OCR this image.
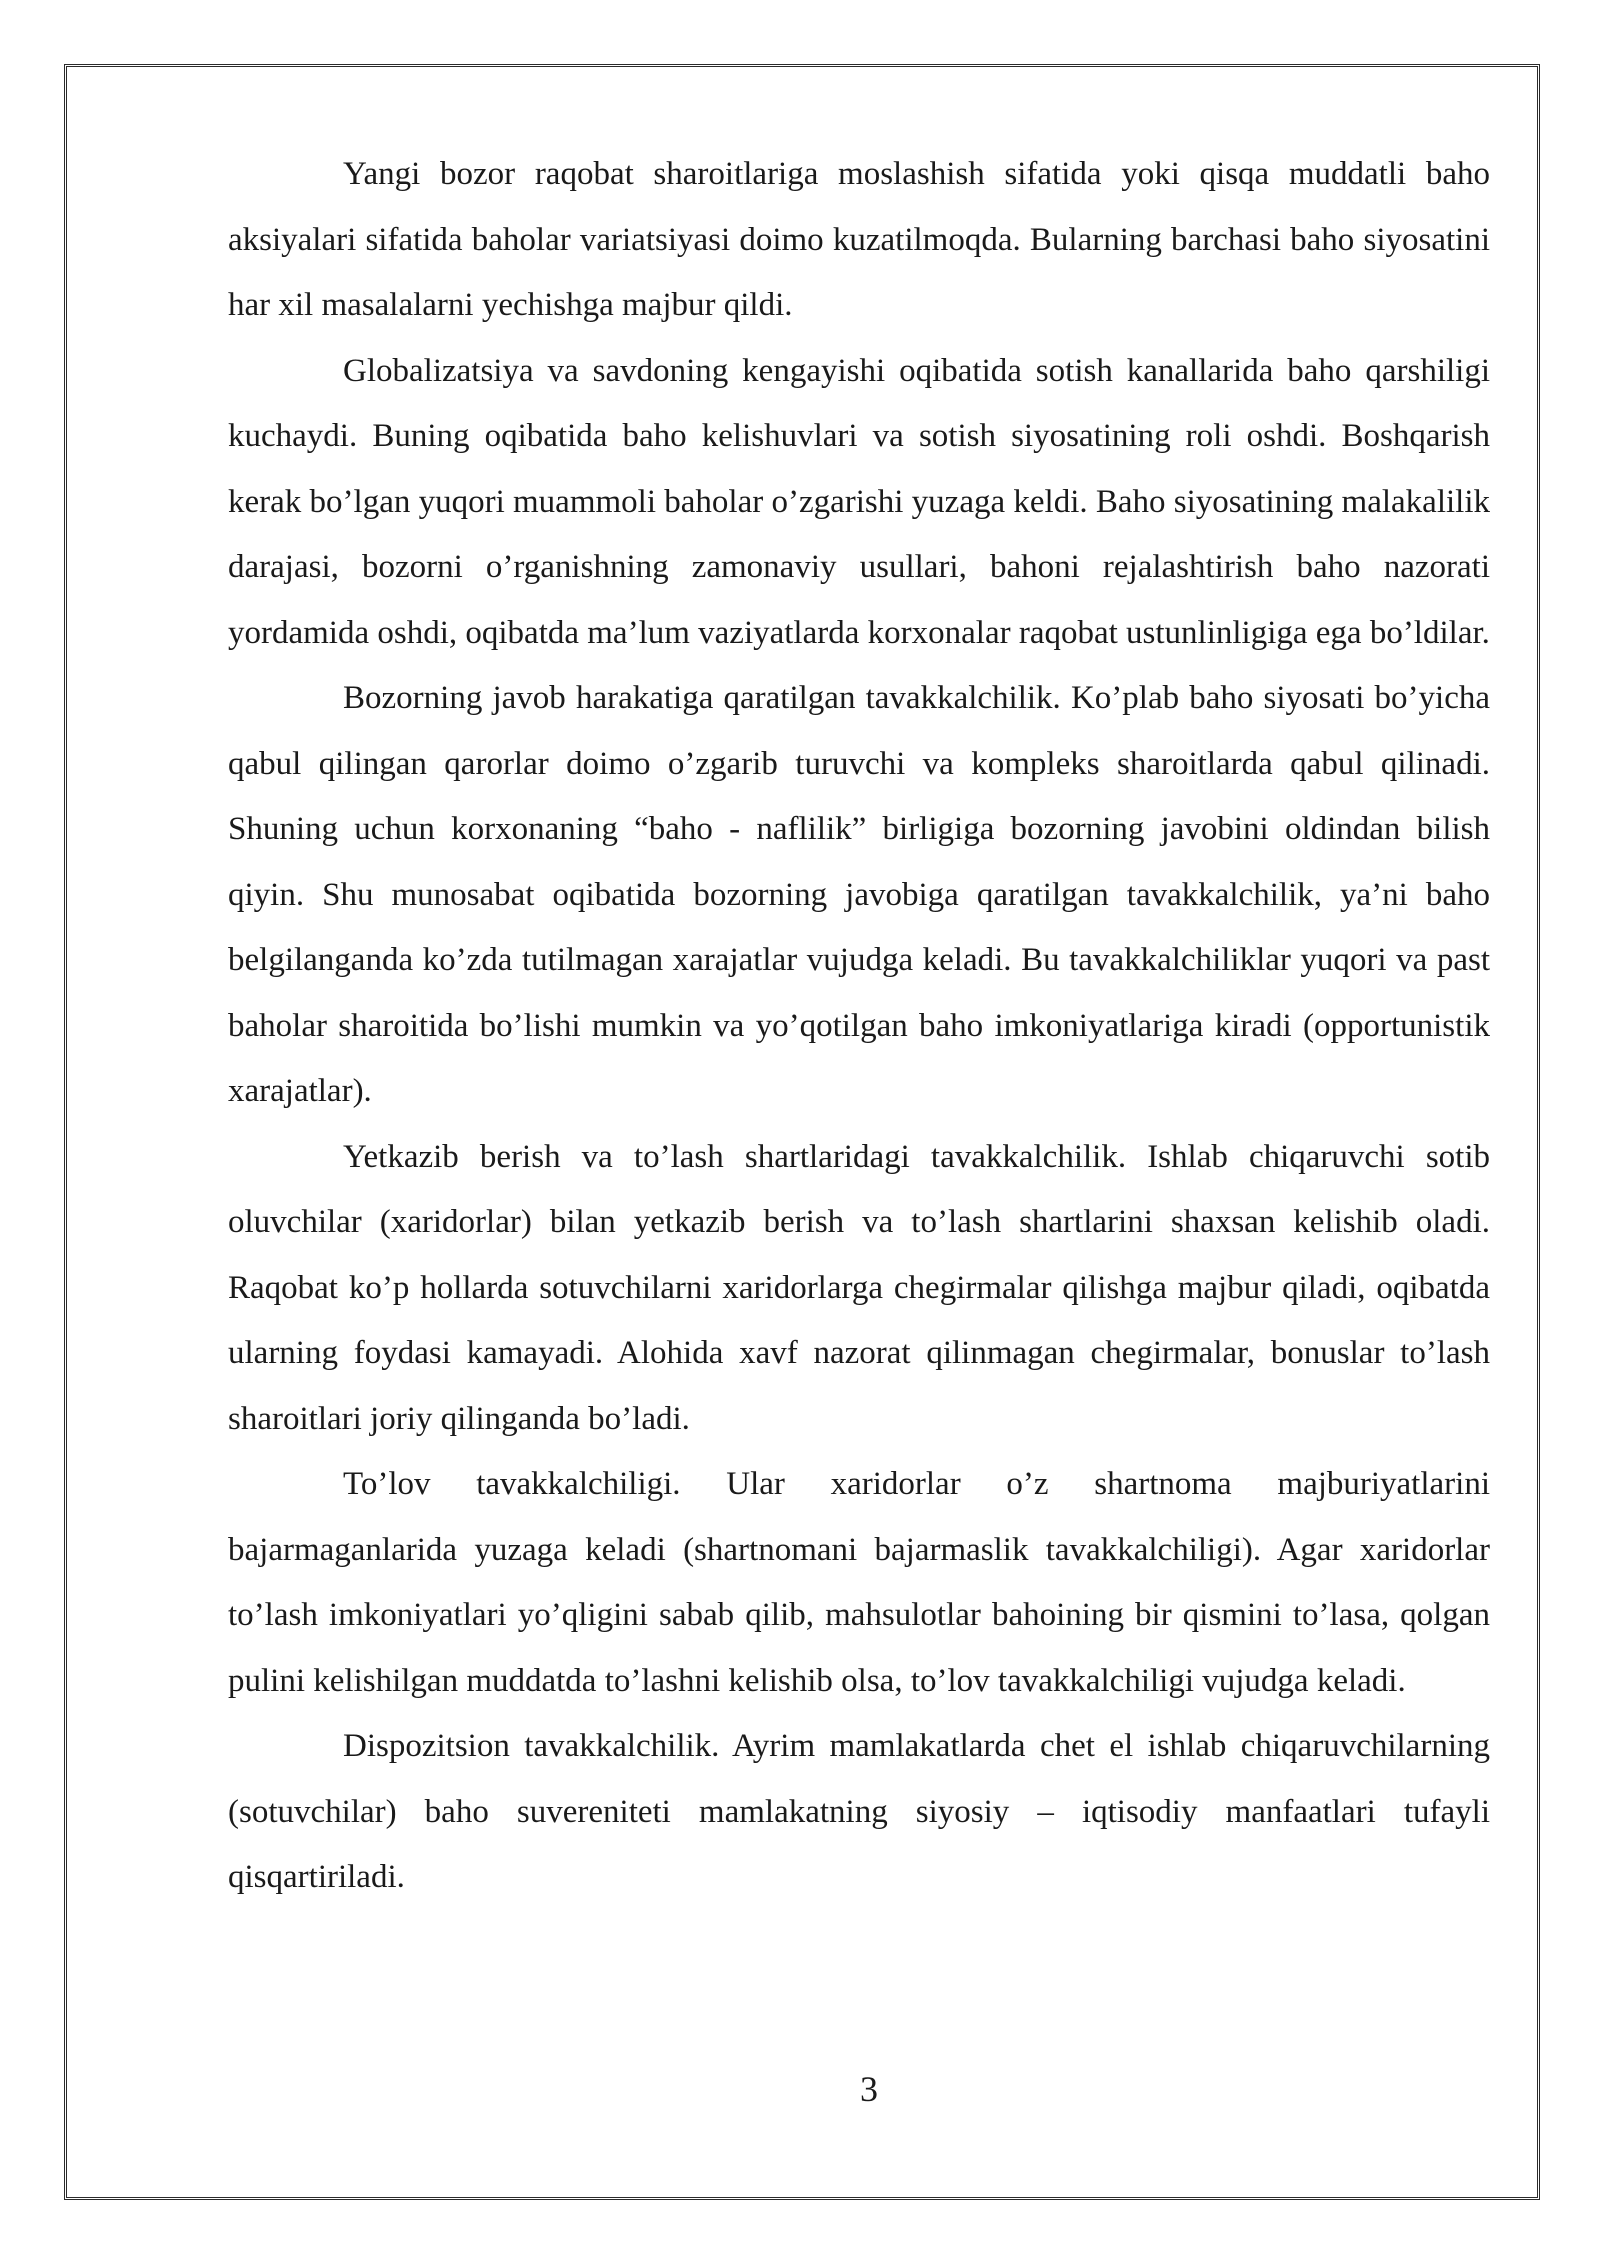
Yangi bozor raqobat sharoitlariga moslashish sifatida yoki qisqa muddatli baho aksiyalari sifatida baholar variatsiyasi doimo kuzatilmoqda. Bularning barchasi baho siyosatini har xil masalalarni yechishga majbur qildi.

Globalizatsiya va savdoning kengayishi oqibatida sotish kanallarida baho qarshiligi kuchaydi. Buning oqibatida baho kelishuvlari va sotish siyosatining roli oshdi. Boshqarish kerak bo’lgan yuqori muammoli baholar o’zgarishi yuzaga keldi. Baho siyosatining malakalilik darajasi, bozorni o’rganishning zamonaviy usullari, bahoni rejalashtirish baho nazorati yordamida oshdi, oqibatda ma’lum vaziyatlarda korxonalar raqobat ustunlinligiga ega bo’ldilar.

Bozorning javob harakatiga qaratilgan tavakkalchilik. Ko’plab baho siyosati bo’yicha qabul qilingan qarorlar doimo o’zgarib turuvchi va kompleks sharoitlarda qabul qilinadi. Shuning uchun korxonaning “baho - naflilik” birligiga bozorning javobini oldindan bilish qiyin. Shu munosabat oqibatida bozorning javobiga qaratilgan tavakkalchilik, ya’ni baho belgilanganda ko’zda tutilmagan xarajatlar vujudga keladi. Bu tavakkalchiliklar yuqori va past baholar sharoitida bo’lishi mumkin va yo’qotilgan baho imkoniyatlariga kiradi (opportunistik xarajatlar).

Yetkazib berish va to’lash shartlaridagi tavakkalchilik. Ishlab chiqaruvchi sotib oluvchilar (xaridorlar) bilan yetkazib berish va to’lash shartlarini shaxsan kelishib oladi. Raqobat ko’p hollarda sotuvchilarni xaridorlarga chegirmalar qilishga majbur qiladi, oqibatda ularning foydasi kamayadi. Alohida xavf nazorat qilinmagan chegirmalar, bonuslar to’lash sharoitlari joriy qilinganda bo’ladi.

To’lov tavakkalchiligi. Ular xaridorlar o’z shartnoma majburiyatlarini bajarmaganlarida yuzaga keladi (shartnomani bajarmaslik tavakkalchiligi). Agar xaridorlar to’lash imkoniyatlari yo’qligini sabab qilib, mahsulotlar bahoining bir qismini to’lasa, qolgan pulini kelishilgan muddatda to’lashni kelishib olsa, to’lov tavakkalchiligi vujudga keladi.

Dispozitsion tavakkalchilik. Ayrim mamlakatlarda chet el ishlab chiqaruvchilarning (sotuvchilar) baho suvereniteti mamlakatning siyosiy – iqtisodiy manfaatlari tufayli qisqartiriladi.

3
